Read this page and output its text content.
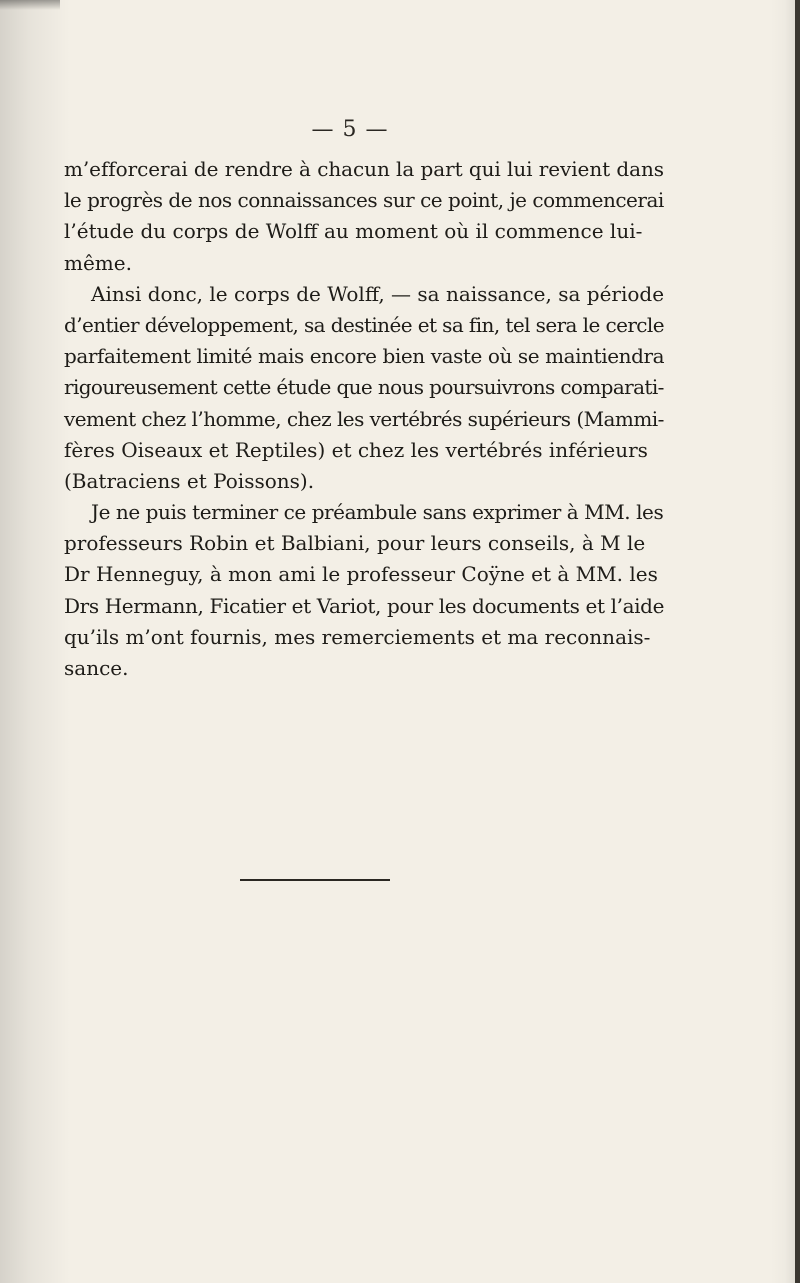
— 5 —
m’efforcerai de rendre à chacun la part qui lui revient dans
le progrès de nos connaissances sur ce point, je commencerai
l’étude du corps de Wolff au moment où il commence lui-
même.
Ainsi donc, le corps de Wolff, — sa naissance, sa période
d’entier développement, sa destinée et sa fin, tel sera le cercle
parfaitement limité mais encore bien vaste où se maintiendra
rigoureusement cette étude que nous poursuivrons comparati-
vement chez l’homme, chez les vertébrés supérieurs (Mammi-
fères Oiseaux et Reptiles) et chez les vertébrés inférieurs
(Batraciens et Poissons).
Je ne puis terminer ce préambule sans exprimer à MM. les
professeurs Robin et Balbiani, pour leurs conseils, à M le
Dr Henneguy, à mon ami le professeur Coÿne et à MM. les
Drs Hermann, Ficatier et Variot, pour les documents et l’aide
qu’ils m’ont fournis, mes remerciements et ma reconnais-
sance.
